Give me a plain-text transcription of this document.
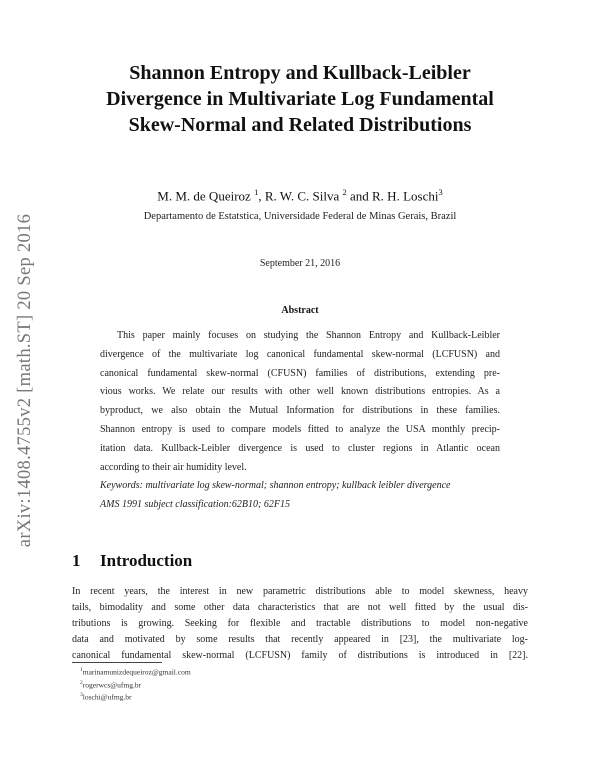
arXiv:1408.4755v2 [math.ST] 20 Sep 2016
Shannon Entropy and Kullback-Leibler
Divergence in Multivariate Log Fundamental
Skew-Normal and Related Distributions
M. M. de Queiroz $^1$, R. W. C. Silva $^2$ and R. H. Loschi$^3$
Departamento de Estatstica, Universidade Federal de Minas Gerais, Brazil
September 21, 2016
Abstract
This paper mainly focuses on studying the Shannon Entropy and Kullback-Leibler
divergence of the multivariate log canonical fundamental skew-normal (LCFUSN) and
canonical fundamental skew-normal (CFUSN) families of distributions, extending pre-
vious works. We relate our results with other well known distributions entropies. As a
byproduct, we also obtain the Mutual Information for distributions in these families.
Shannon entropy is used to compare models fitted to analyze the USA monthly precip-
itation data. Kullback-Leibler divergence is used to cluster regions in Atlantic ocean
according to their air humidity level.
Keywords: multivariate log skew-normal; shannon entropy; kullback leibler divergence
AMS 1991 subject classification:62B10; 62F15
1 Introduction
In recent years, the interest in new parametric distributions able to model skewness, heavy
tails, bimodality and some other data characteristics that are not well fitted by the usual dis-
tributions is growing. Seeking for flexible and tractable distributions to model non-negative
data and motivated by some results that recently appeared in [23], the multivariate log-
canonical fundamental skew-normal (LCFUSN) family of distributions is introduced in [22].
$^1$marinamunizdequeiroz@gmail.com
$^2$rogerwcs@ufmg.br
$^3$loschi@ufmg.br
